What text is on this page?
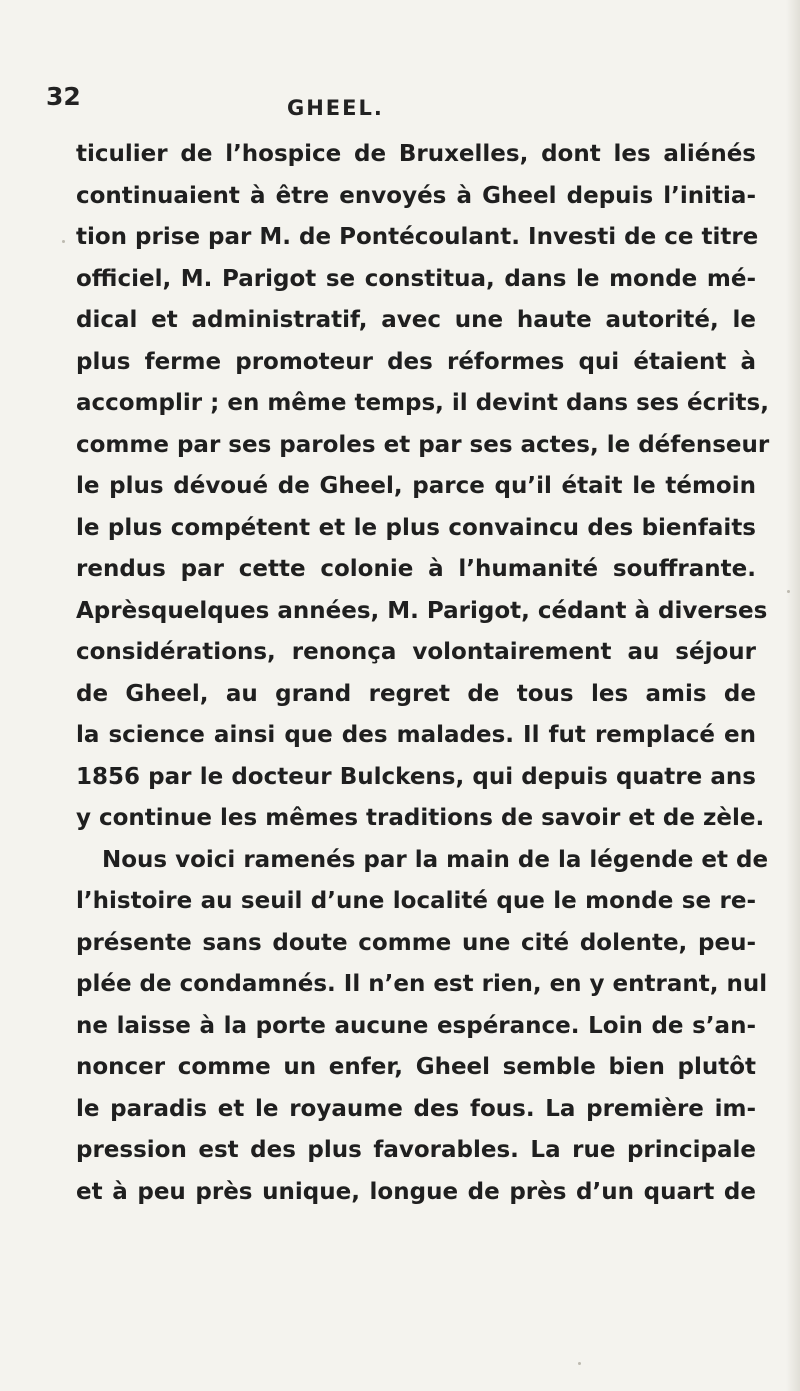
32	GHEEL.
ticulier de l’hospice de Bruxelles, dont les aliénés
continuaient à être envoyés à Gheel depuis l’initia-
tion prise par M. de Pontécoulant. Investi de ce titre
officiel, M. Parigot se constitua, dans le monde mé-
dical et administratif, avec une haute autorité, le
plus ferme promoteur des réformes qui étaient à
accomplir ; en même temps, il devint dans ses écrits,
comme par ses paroles et par ses actes, le défenseur
le plus dévoué de Gheel, parce qu’il était le témoin
le plus compétent et le plus convaincu des bienfaits
rendus par cette colonie à l’humanité souffrante.
Aprèsquelques années, M. Parigot, cédant à diverses
considérations, renonça volontairement au séjour
de Gheel, au grand regret de tous les amis de
la science ainsi que des malades. Il fut remplacé en
1856 par le docteur Bulckens, qui depuis quatre ans
y continue les mêmes traditions de savoir et de zèle.
Nous voici ramenés par la main de la légende et de
l’histoire au seuil d’une localité que le monde se re-
présente sans doute comme une cité dolente, peu-
plée de condamnés. Il n’en est rien, en y entrant, nul
ne laisse à la porte aucune espérance. Loin de s’an-
noncer comme un enfer, Gheel semble bien plutôt
le paradis et le royaume des fous. La première im-
pression est des plus favorables. La rue principale
et à peu près unique, longue de près d’un quart de
